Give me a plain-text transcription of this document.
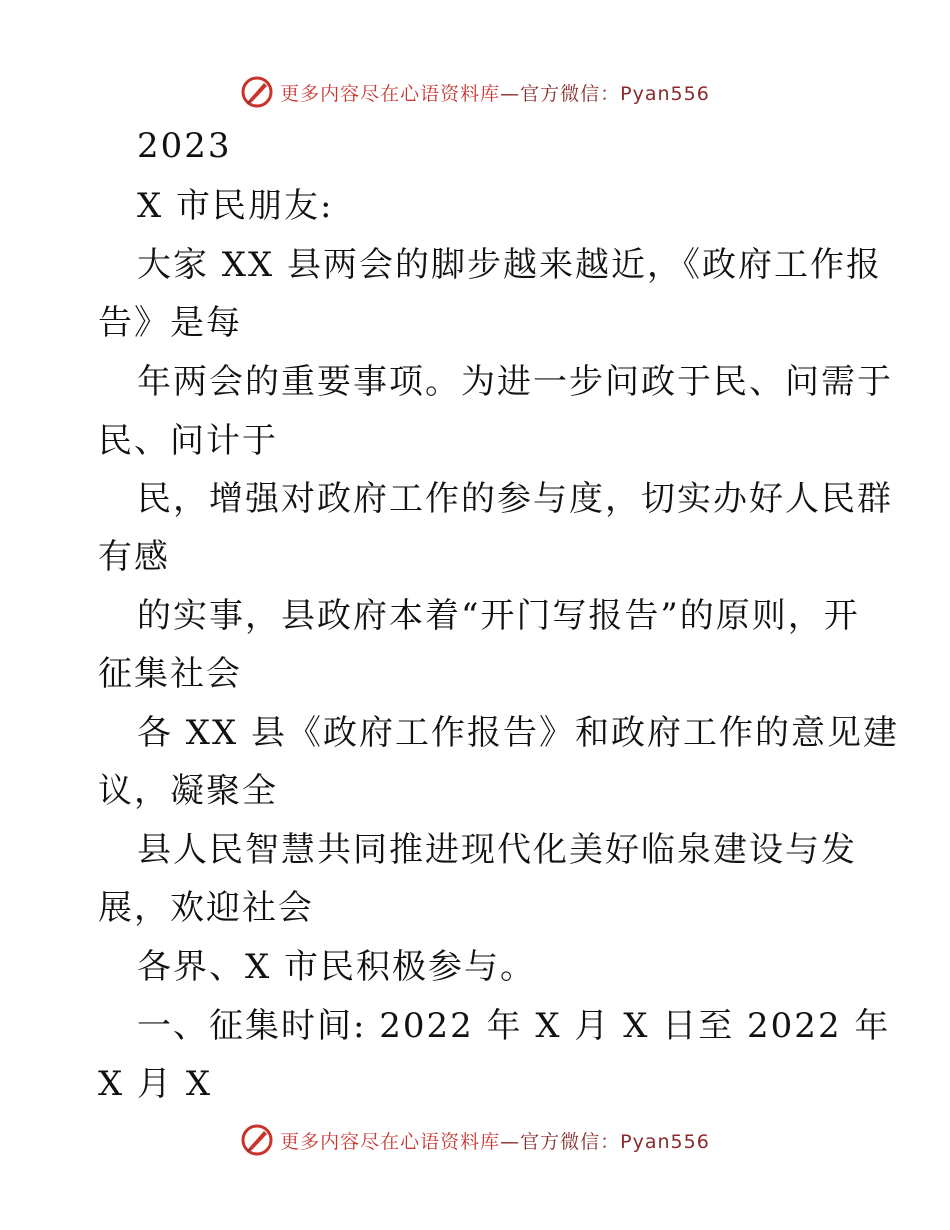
更多内容尽在心语资料库—官方微信：Pyan556
2023
X 市民朋友:
大家 XX 县两会的脚步越来越近，《政府工作报
告》是每
年两会的重要事项。为进一步问政于民、问需于
民、问计于
民，增强对政府工作的参与度，切实办好人民群
有感
的实事，县政府本着“开门写报告”的原则，开
征集社会
各 XX 县《政府工作报告》和政府工作的意见建
议，凝聚全
县人民智慧共同推进现代化美好临泉建设与发
展，欢迎社会
各界、X 市民积极参与。
一、征集时间: 2022 年 X 月 X 日至 2022 年
X 月 X
更多内容尽在心语资料库—官方微信：Pyan556
